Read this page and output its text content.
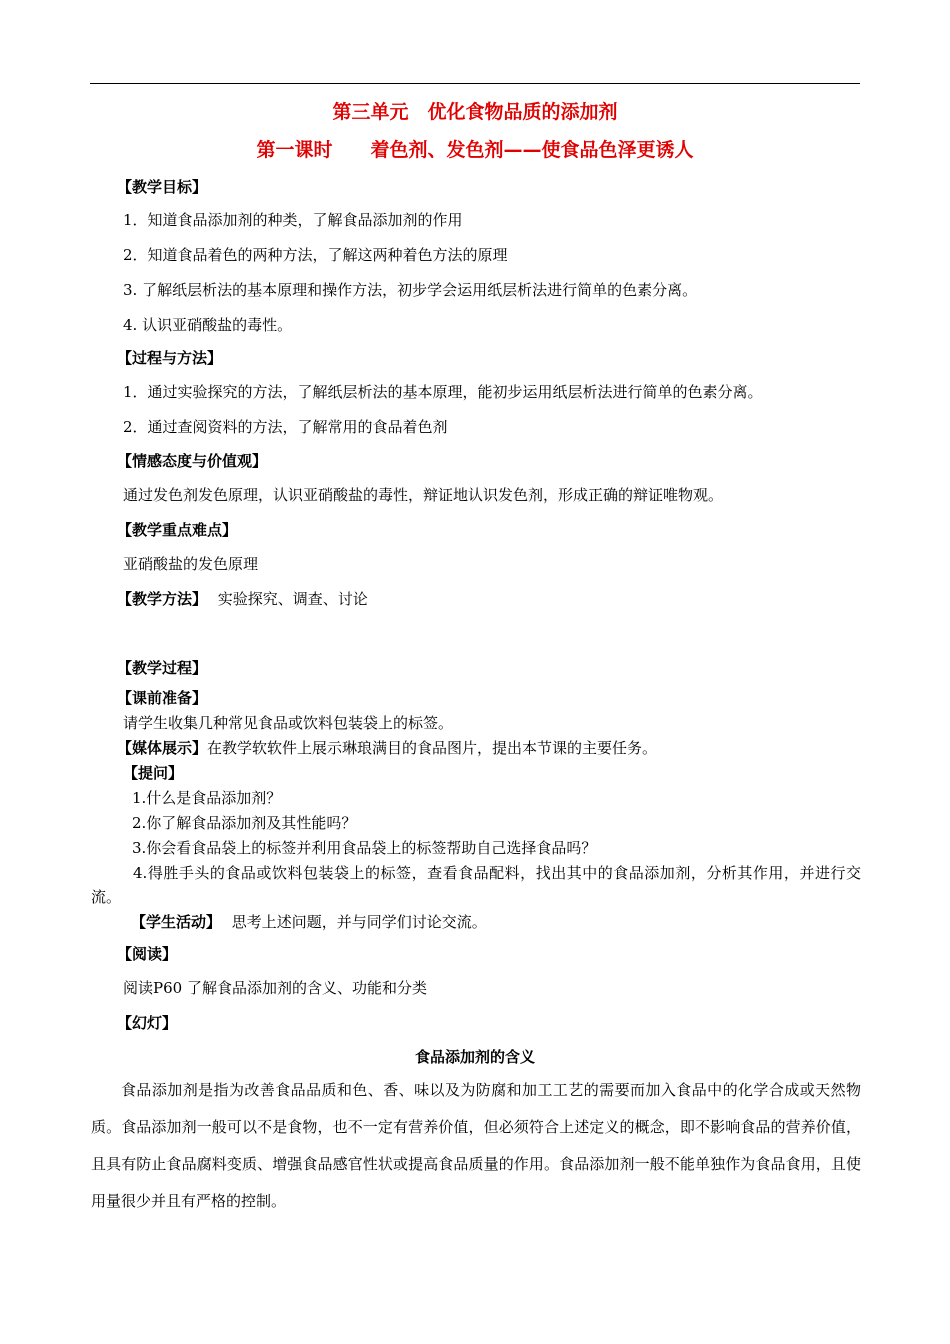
第三单元　优化食物品质的添加剂
第一课时　　着色剂、发色剂——使食品色泽更诱人
【教学目标】
1．知道食品添加剂的种类，了解食品添加剂的作用
2．知道食品着色的两种方法，了解这两种着色方法的原理
3. 了解纸层析法的基本原理和操作方法，初步学会运用纸层析法进行简单的色素分离。
4. 认识亚硝酸盐的毒性。
【过程与方法】
1．通过实验探究的方法，了解纸层析法的基本原理，能初步运用纸层析法进行简单的色素分离。
2．通过查阅资料的方法，了解常用的食品着色剂
【情感态度与价值观】
通过发色剂发色原理，认识亚硝酸盐的毒性，辩证地认识发色剂，形成正确的辩证唯物观。
【教学重点难点】
亚硝酸盐的发色原理
【教学方法】 实验探究、调查、讨论
【教学过程】
【课前准备】
请学生收集几种常见食品或饮料包装袋上的标签。
【媒体展示】在教学软软件上展示琳琅满目的食品图片，提出本节课的主要任务。
【提问】
1.什么是食品添加剂？
2.你了解食品添加剂及其性能吗？
3.你会看食品袋上的标签并利用食品袋上的标签帮助自己选择食品吗？
4.得胜手头的食品或饮料包装袋上的标签，查看食品配料，找出其中的食品添加剂，分析其作用，并进行交流。
【学生活动】 思考上述问题，并与同学们讨论交流。
【阅读】
阅读P60 了解食品添加剂的含义、功能和分类
【幻灯】
食品添加剂的含义
食品添加剂是指为改善食品品质和色、香、味以及为防腐和加工工艺的需要而加入食品中的化学合成或天然物质。食品添加剂一般可以不是食物，也不一定有营养价值，但必须符合上述定义的概念，即不影响食品的营养价值，且具有防止食品腐料变质、增强食品感官性状或提高食品质量的作用。食品添加剂一般不能单独作为食品食用，且使用量很少并且有严格的控制。
